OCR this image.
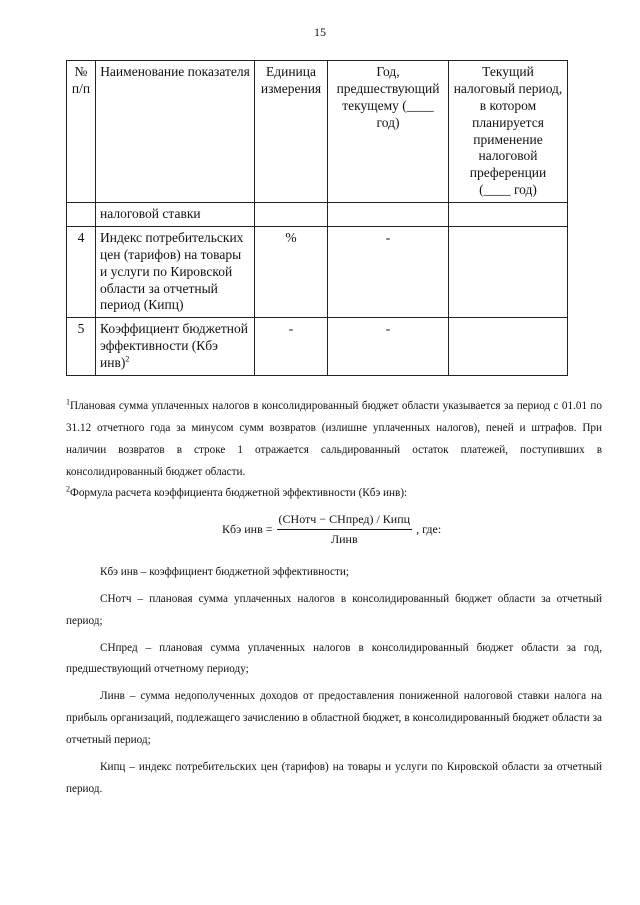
15
№ п/п	Наименование показателя	Единица измерения	Год, предшествующий текущему (____ год)	Текущий налоговый период, в котором планируется применение налоговой преференции (____ год)
	налоговой ставки			
4	Индекс потребительских цен (тарифов) на товары и услуги по Кировской области за отчетный период (Кипц)	%	-	
5	Коэффициент бюджетной эффективности (Кбэ инв)$^2$	-	-	

$^1$Плановая сумма уплаченных налогов в консолидированный бюджет области указывается за период с 01.01 по 31.12 отчетного года за минусом сумм возвратов (излишне уплаченных налогов), пеней и штрафов. При наличии возвратов в строке 1 отражается сальдированный остаток платежей, поступивших в консолидированный бюджет области.

$^2$Формула расчета коэффициента бюджетной эффективности (Кбэ инв):

Кбэ инв = $\frac{\text{(СНотч − СНпред) / Кипц}}{\text{Линв}}$ , где:

Кбэ инв – коэффициент бюджетной эффективности;

СНотч – плановая сумма уплаченных налогов в консолидированный бюджет области за отчетный период;

СНпред – плановая сумма уплаченных налогов в консолидированный бюджет области за год, предшествующий отчетному периоду;

Линв – сумма недополученных доходов от предоставления пониженной налоговой ставки налога на прибыль организаций, подлежащего зачислению в областной бюджет, в консолидированный бюджет области за отчетный период;

Кипц – индекс потребительских цен (тарифов) на товары и услуги по Кировской области за отчетный период.
